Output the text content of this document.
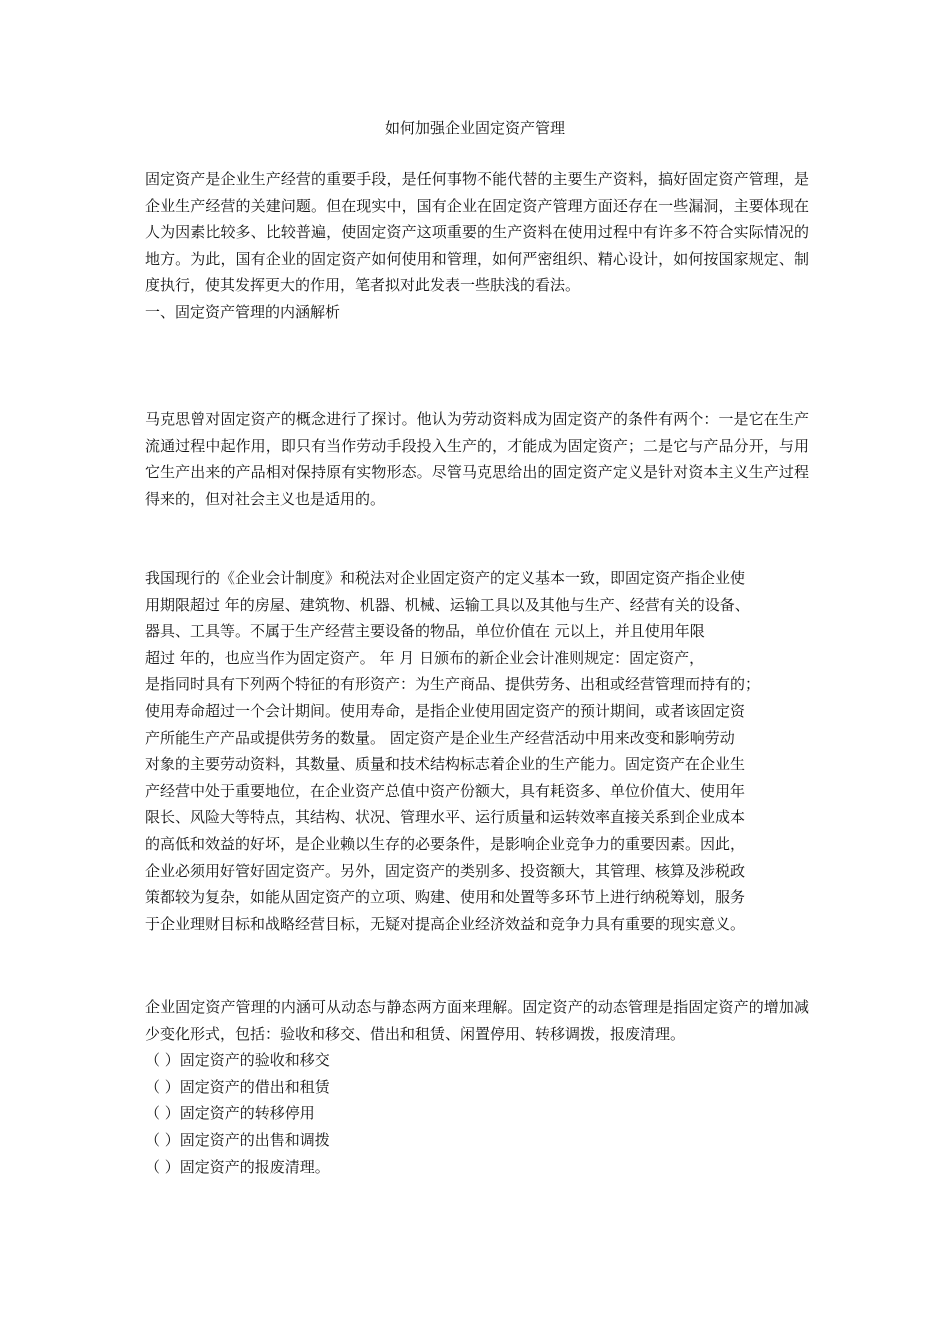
如何加强企业固定资产管理

固定资产是企业生产经营的重要手段，是任何事物不能代替的主要生产资料，搞好固定资产管理，是企业生产经营的关建问题。但在现实中，国有企业在固定资产管理方面还存在一些漏洞，主要体现在人为因素比较多、比较普遍，使固定资产这项重要的生产资料在使用过程中有许多不符合实际情况的地方。为此，国有企业的固定资产如何使用和管理，如何严密组织、精心设计，如何按国家规定、制度执行，使其发挥更大的作用，笔者拟对此发表一些肤浅的看法。

一、固定资产管理的内涵解析

马克思曾对固定资产的概念进行了探讨。他认为劳动资料成为固定资产的条件有两个：一是它在生产流通过程中起作用，即只有当作劳动手段投入生产的，才能成为固定资产；二是它与产品分开，与用它生产出来的产品相对保持原有实物形态。尽管马克思给出的固定资产定义是针对资本主义生产过程得来的，但对社会主义也是适用的。

我国现行的《企业会计制度》和税法对企业固定资产的定义基本一致，即固定资产指企业使

用期限超过 年的房屋、建筑物、机器、机械、运输工具以及其他与生产、经营有关的设备、

器具、工具等。不属于生产经营主要设备的物品，单位价值在 元以上，并且使用年限

超过 年的，也应当作为固定资产。 年 月 日颁布的新企业会计准则规定：固定资产，

是指同时具有下列两个特征的有形资产：为生产商品、提供劳务、出租或经营管理而持有的；

使用寿命超过一个会计期间。使用寿命，是指企业使用固定资产的预计期间，或者该固定资

产所能生产产品或提供劳务的数量。 固定资产是企业生产经营活动中用来改变和影响劳动

对象的主要劳动资料，其数量、质量和技术结构标志着企业的生产能力。固定资产在企业生

产经营中处于重要地位，在企业资产总值中资产份额大，具有耗资多、单位价值大、使用年

限长、风险大等特点，其结构、状况、管理水平、运行质量和运转效率直接关系到企业成本

的高低和效益的好坏，是企业赖以生存的必要条件，是影响企业竞争力的重要因素。因此，

企业必须用好管好固定资产。另外，固定资产的类别多、投资额大，其管理、核算及涉税政

策都较为复杂，如能从固定资产的立项、购建、使用和处置等多环节上进行纳税筹划，服务

于企业理财目标和战略经营目标，无疑对提高企业经济效益和竞争力具有重要的现实意义。

企业固定资产管理的内涵可从动态与静态两方面来理解。固定资产的动态管理是指固定资产的增加减少变化形式，包括：验收和移交、借出和租赁、闲置停用、转移调拨，报废清理。

（ ）固定资产的验收和移交

（ ）固定资产的借出和租赁

（ ）固定资产的转移停用

（ ）固定资产的出售和调拨

（ ）固定资产的报废清理。
